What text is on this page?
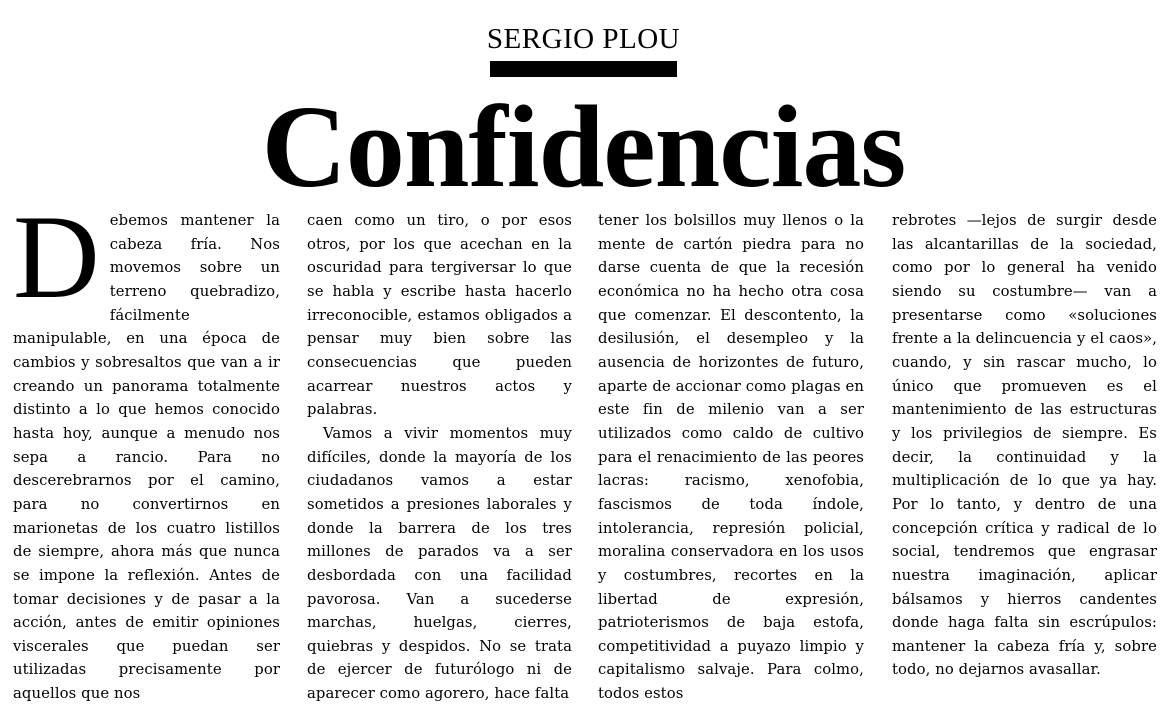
SERGIO PLOU
Confidencias
D ebemos mantener la cabeza fría. Nos movemos sobre un terreno quebradizo, fácilmente manipulable, en una época de cambios y sobresaltos que van a ir creando un panorama totalmente distinto a lo que hemos conocido hasta hoy, aunque a menudo nos sepa a rancio. Para no descerebrarnos por el camino, para no convertirnos en marionetas de los cuatro listillos de siempre, ahora más que nunca se impone la reflexión. Antes de tomar decisiones y de pasar a la acción, antes de emitir opiniones viscerales que puedan ser utilizadas precisamente por aquellos que nos

caen como un tiro, o por esos otros, por los que acechan en la oscuridad para tergiversar lo que se habla y escribe hasta hacerlo irreconocible, estamos obligados a pensar muy bien sobre las consecuencias que pueden acarrear nuestros actos y palabras.

Vamos a vivir momentos muy difíciles, donde la mayoría de los ciudadanos vamos a estar sometidos a presiones laborales y donde la barrera de los tres millones de parados va a ser desbordada con una facilidad pavorosa. Van a sucederse marchas, huelgas, cierres, quiebras y despidos. No se trata de ejercer de futurólogo ni de aparecer como agorero, hace falta

tener los bolsillos muy llenos o la mente de cartón piedra para no darse cuenta de que la recesión económica no ha hecho otra cosa que comenzar. El descontento, la desilusión, el desempleo y la ausencia de horizontes de futuro, aparte de accionar como plagas en este fin de milenio van a ser utilizados como caldo de cultivo para el renacimiento de las peores lacras: racismo, xenofobia, fascismos de toda índole, intolerancia, represión policial, moralina conservadora en los usos y costumbres, recortes en la libertad de expresión, patrioterismos de baja estofa, competitividad a puyazo limpio y capitalismo salvaje. Para colmo, todos estos

rebrotes —lejos de surgir desde las alcantarillas de la sociedad, como por lo general ha venido siendo su costumbre— van a presentarse como «soluciones frente a la delincuencia y el caos», cuando, y sin rascar mucho, lo único que promueven es el mantenimiento de las estructuras y los privilegios de siempre. Es decir, la continuidad y la multiplicación de lo que ya hay. Por lo tanto, y dentro de una concepción crítica y radical de lo social, tendremos que engrasar nuestra imaginación, aplicar bálsamos y hierros candentes donde haga falta sin escrúpulos: mantener la cabeza fría y, sobre todo, no dejarnos avasallar.
